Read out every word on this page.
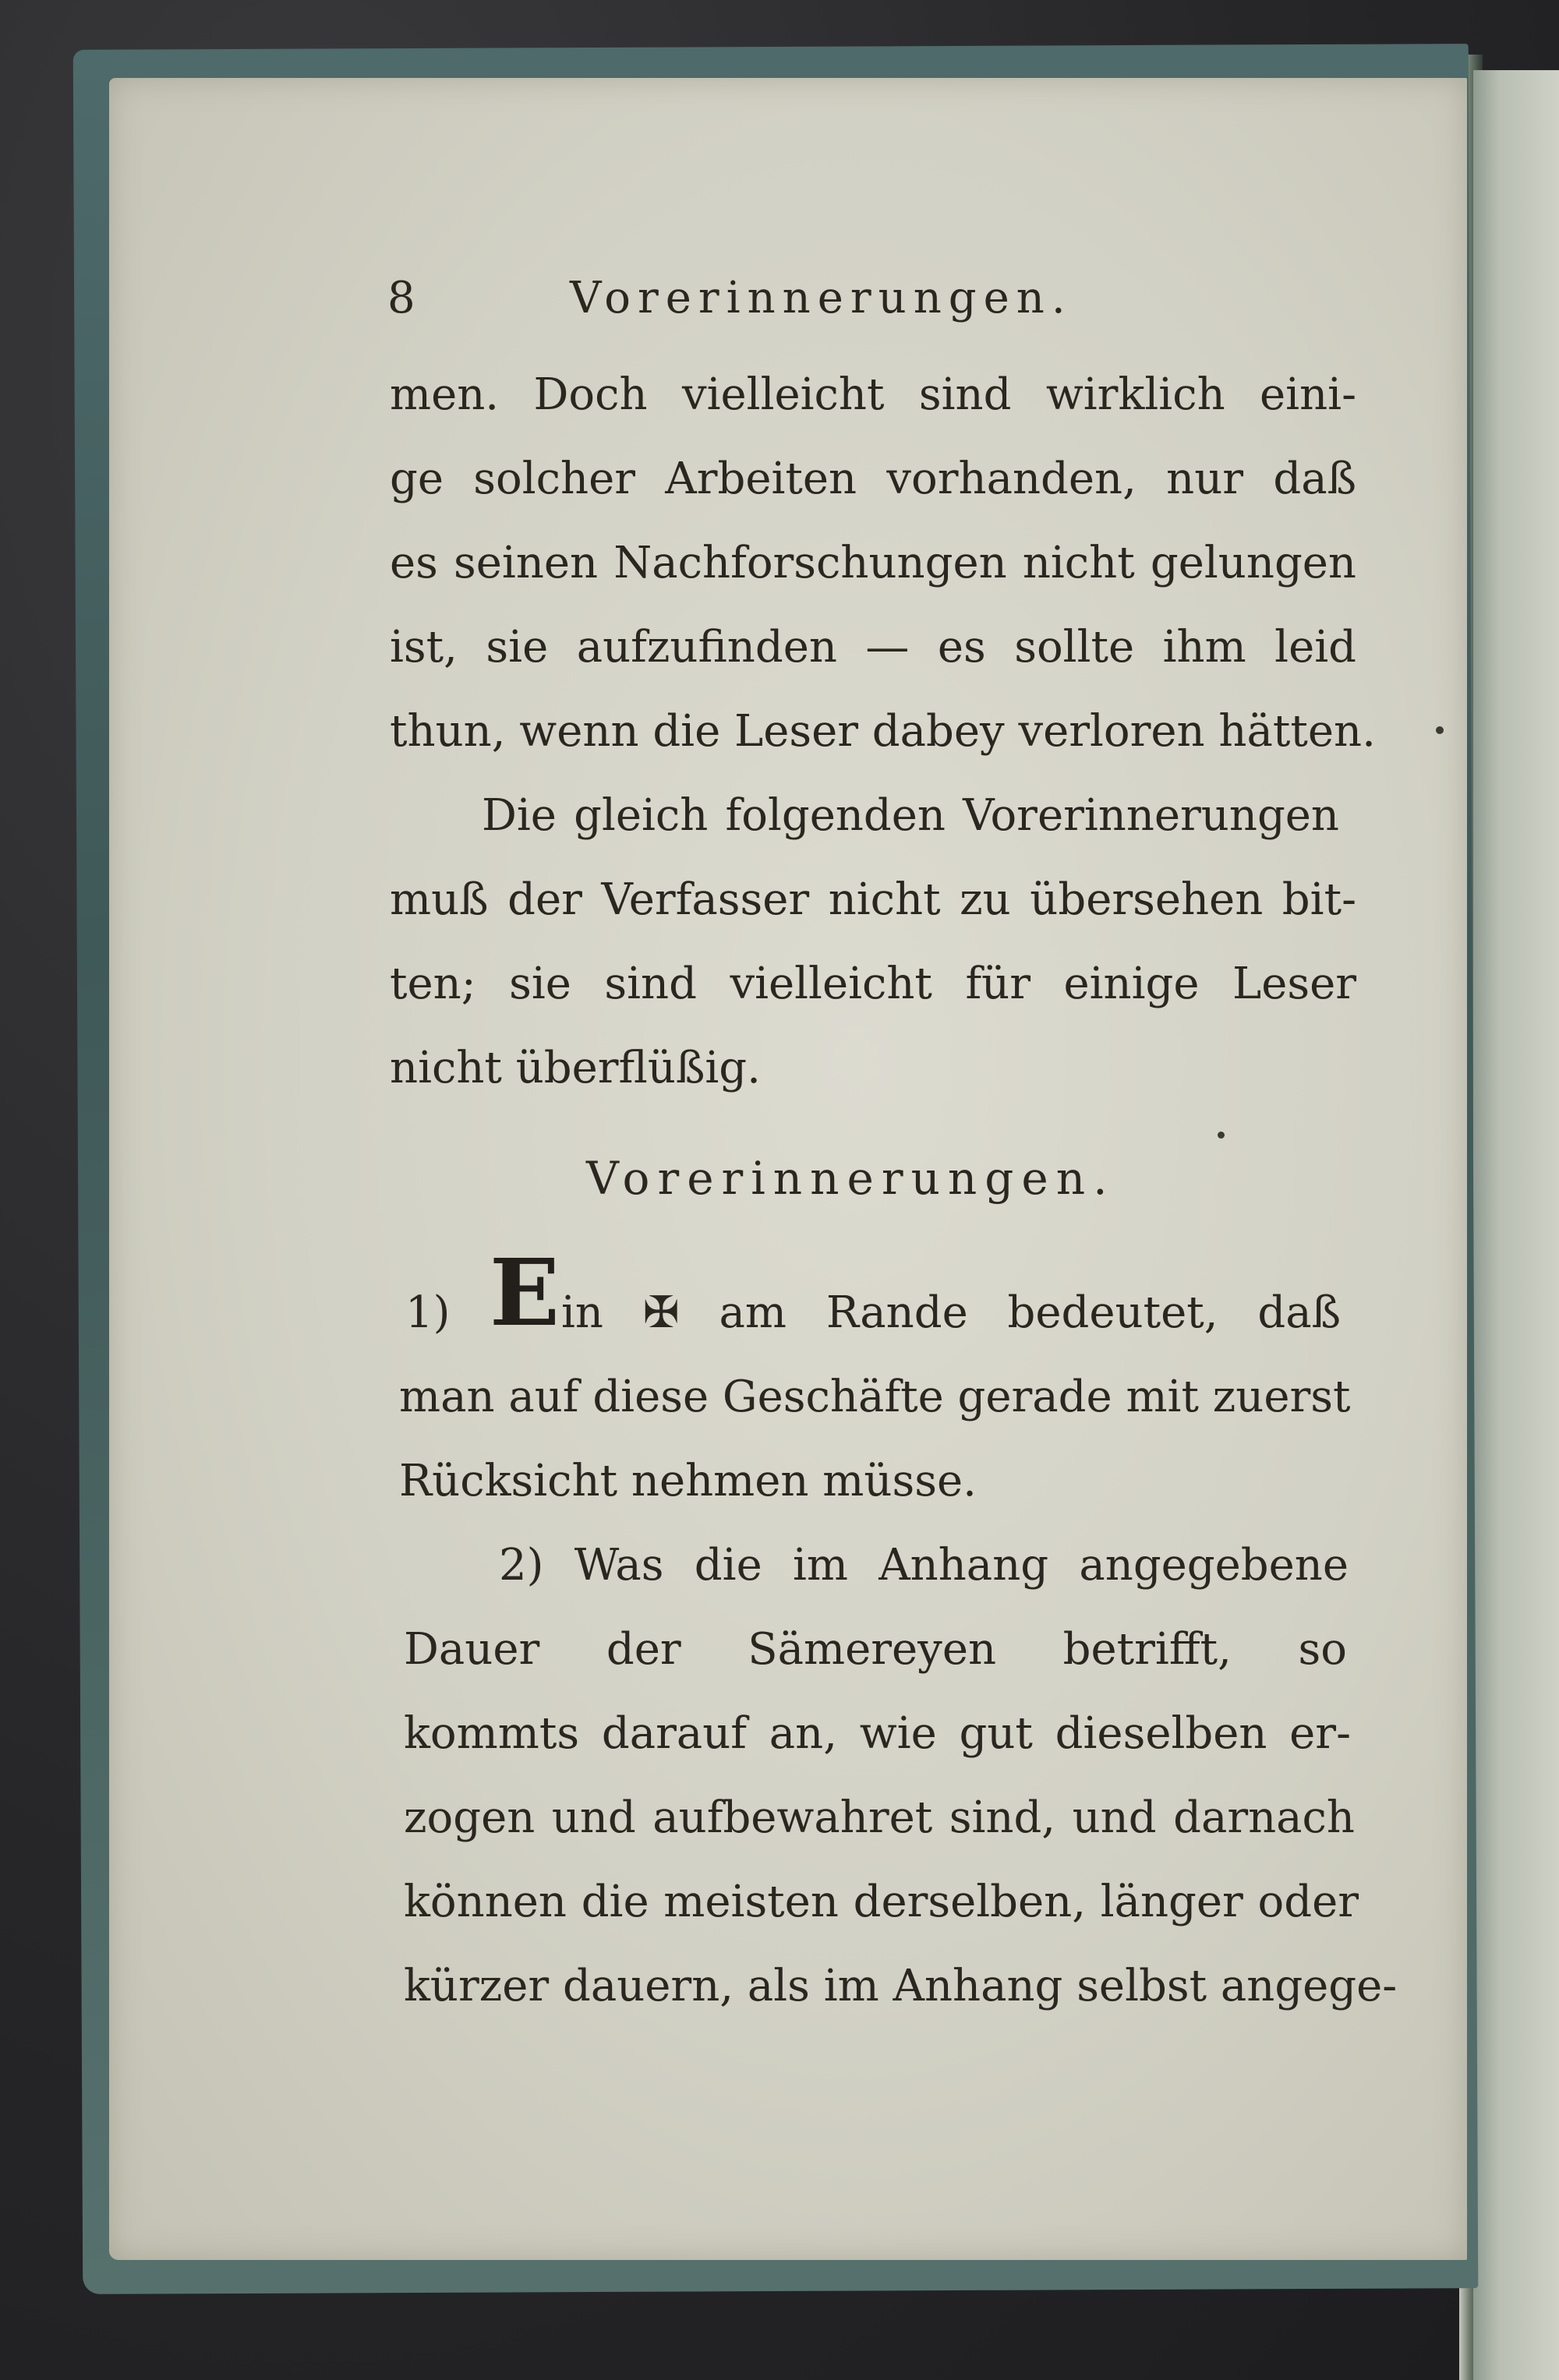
8	Vorerinnerungen.
men. Doch vielleicht sind wirklich eini-
ge solcher Arbeiten vorhanden, nur daß
es seinen Nachforschungen nicht gelungen
ist, sie aufzufinden — es sollte ihm leid
thun, wenn die Leser dabey verloren hätten.
Die gleich folgenden Vorerinnerungen
muß der Verfasser nicht zu übersehen bit-
ten; sie sind vielleicht für einige Leser
nicht überflüßig.
Vorerinnerungen.
1) E in ✠ am Rande bedeutet, daß
man auf diese Geschäfte gerade mit zuerst
Rücksicht nehmen müsse.
2) Was die im Anhang angegebene
Dauer der Sämereyen betrifft, so
kommts darauf an, wie gut dieselben er-
zogen und aufbewahret sind, und darnach
können die meisten derselben, länger oder
kürzer dauern, als im Anhang selbst angege-
